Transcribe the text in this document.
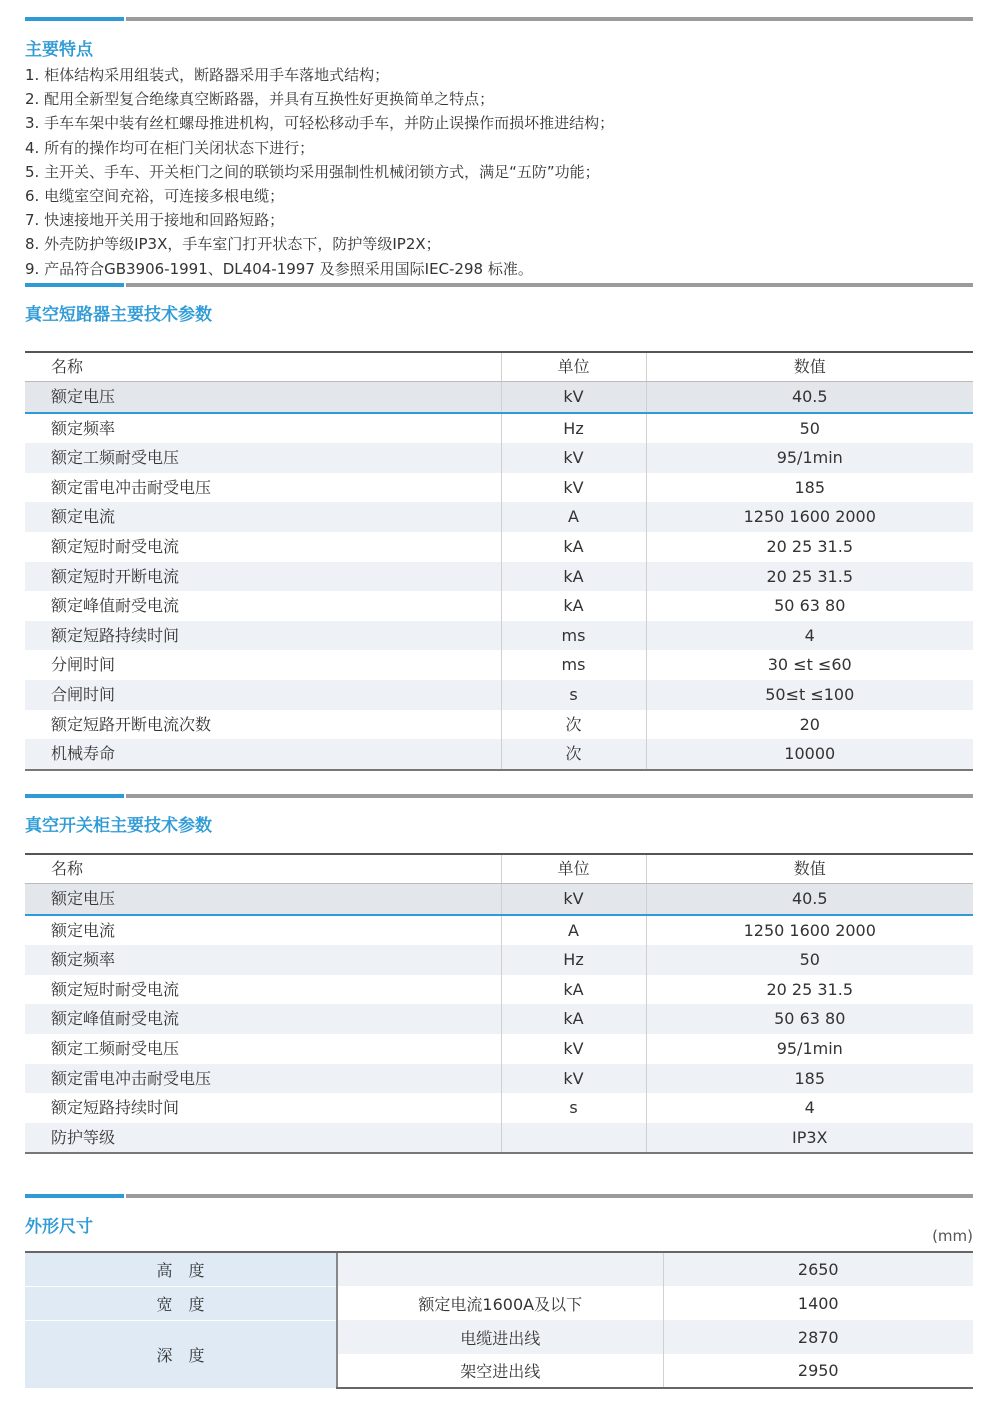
主要特点
1. 柜体结构采用组装式，断路器采用手车落地式结构；
2. 配用全新型复合绝缘真空断路器，并具有互换性好更换简单之特点；
3. 手车车架中装有丝杠螺母推进机构，可轻松移动手车，并防止误操作而损坏推进结构；
4. 所有的操作均可在柜门关闭状态下进行；
5. 主开关、手车、开关柜门之间的联锁均采用强制性机械闭锁方式，满足“五防”功能；
6. 电缆室空间充裕，可连接多根电缆；
7. 快速接地开关用于接地和回路短路；
8. 外壳防护等级IP3X，手车室门打开状态下，防护等级IP2X；
9. 产品符合GB3906-1991、DL404-1997 及参照采用国际IEC-298 标准。
真空短路器主要技术参数
名称	单位	数值
额定电压	kV	40.5
额定频率	Hz	50
额定工频耐受电压	kV	95/1min
额定雷电冲击耐受电压	kV	185
额定电流	A	1250 1600 2000
额定短时耐受电流	kA	20 25 31.5
额定短时开断电流	kA	20 25 31.5
额定峰值耐受电流	kA	50 63 80
额定短路持续时间	ms	4
分闸时间	ms	30 ≤t ≤60
合闸时间	s	50≤t ≤100
额定短路开断电流次数	次	20
机械寿命	次	10000
真空开关柜主要技术参数
名称	单位	数值
额定电压	kV	40.5
额定电流	A	1250 1600 2000
额定频率	Hz	50
额定短时耐受电流	kA	20 25 31.5
额定峰值耐受电流	kA	50 63 80
额定工频耐受电压	kV	95/1min
额定雷电冲击耐受电压	kV	185
额定短路持续时间	s	4
防护等级		IP3X
外形尺寸	(mm)
高　度		2650
宽　度	额定电流1600A及以下	1400
深　度	电缆进出线	2870
	架空进出线	2950
